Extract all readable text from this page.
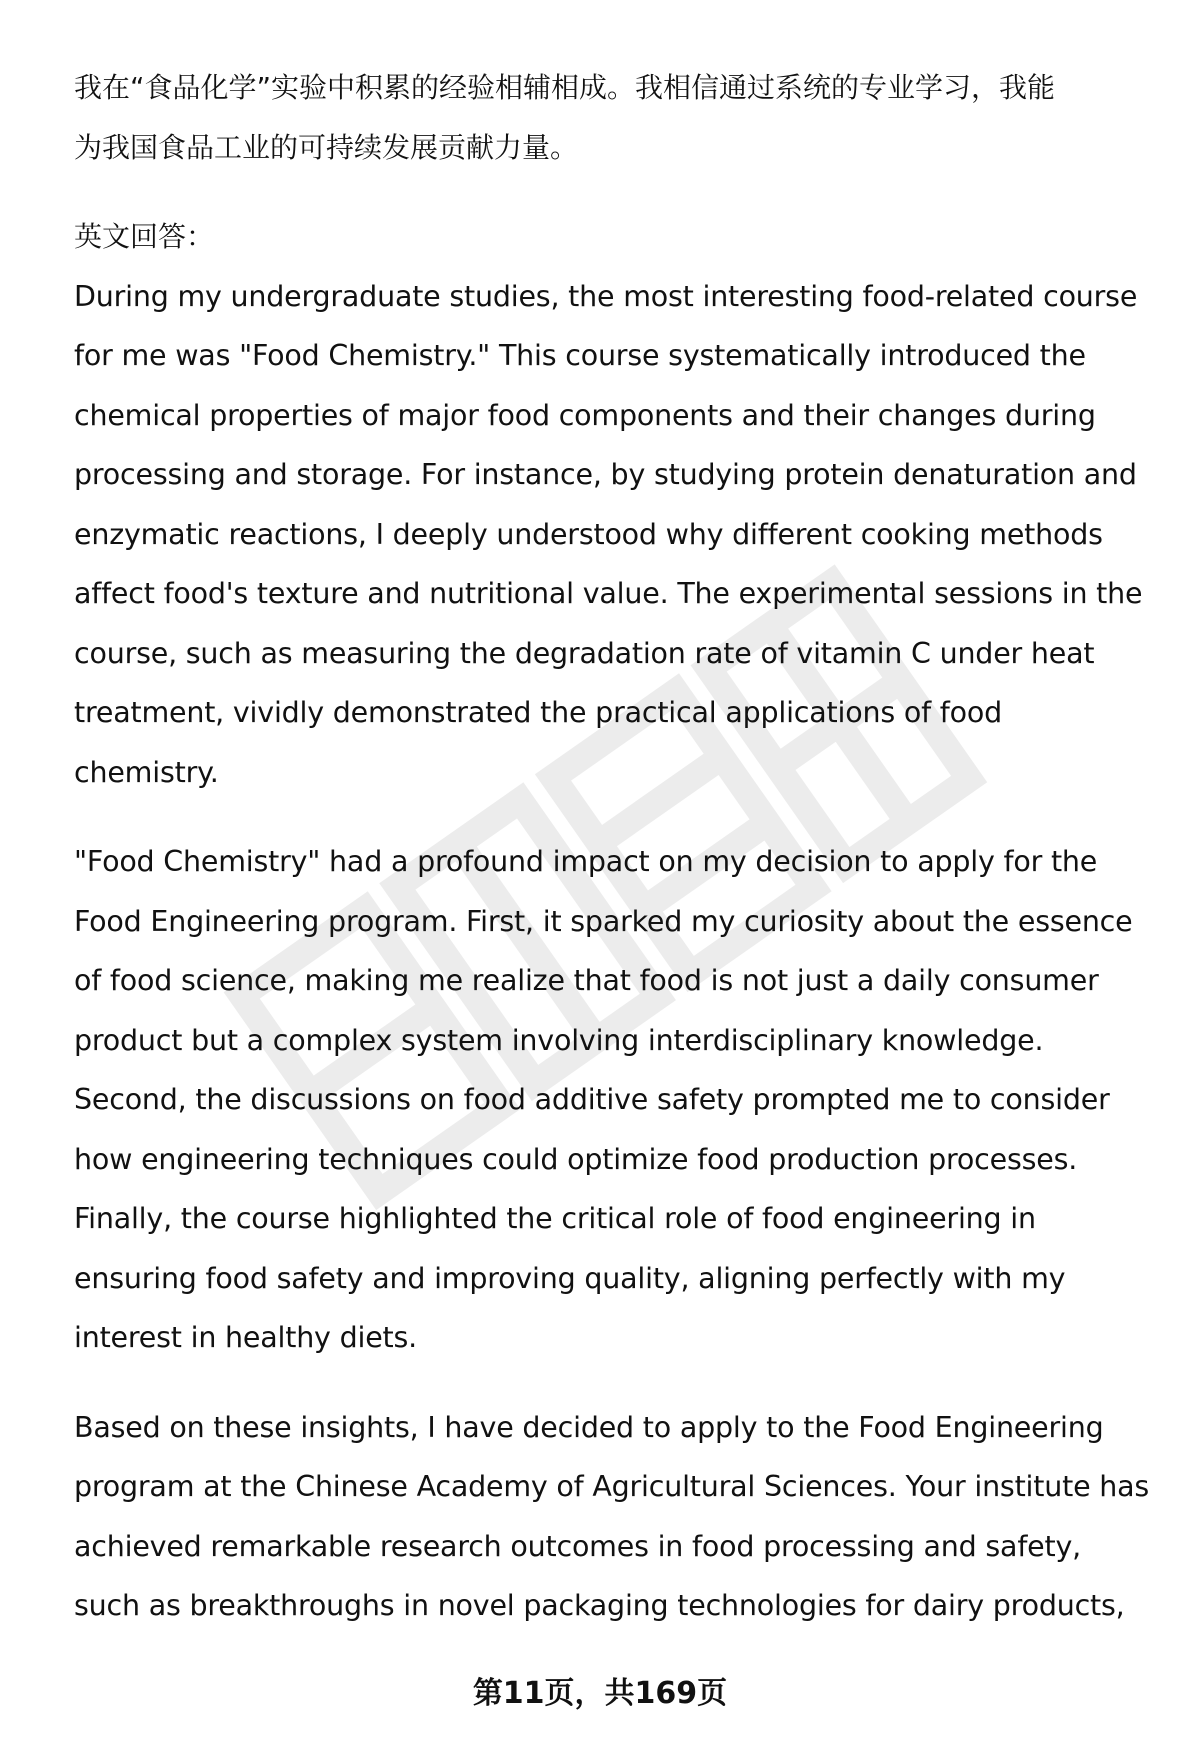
我在“食品化学”实验中积累的经验相辅相成。我相信通过系统的专业学习，我能
为我国食品工业的可持续发展贡献力量。

英文回答：

During my undergraduate studies, the most interesting food-related course
for me was "Food Chemistry." This course systematically introduced the
chemical properties of major food components and their changes during
processing and storage. For instance, by studying protein denaturation and
enzymatic reactions, I deeply understood why different cooking methods
affect food's texture and nutritional value. The experimental sessions in the
course, such as measuring the degradation rate of vitamin C under heat
treatment, vividly demonstrated the practical applications of food
chemistry.

"Food Chemistry" had a profound impact on my decision to apply for the
Food Engineering program. First, it sparked my curiosity about the essence
of food science, making me realize that food is not just a daily consumer
product but a complex system involving interdisciplinary knowledge.
Second, the discussions on food additive safety prompted me to consider
how engineering techniques could optimize food production processes.
Finally, the course highlighted the critical role of food engineering in
ensuring food safety and improving quality, aligning perfectly with my
interest in healthy diets.

Based on these insights, I have decided to apply to the Food Engineering
program at the Chinese Academy of Agricultural Sciences. Your institute has
achieved remarkable research outcomes in food processing and safety,
such as breakthroughs in novel packaging technologies for dairy products,

第11页，共169页
